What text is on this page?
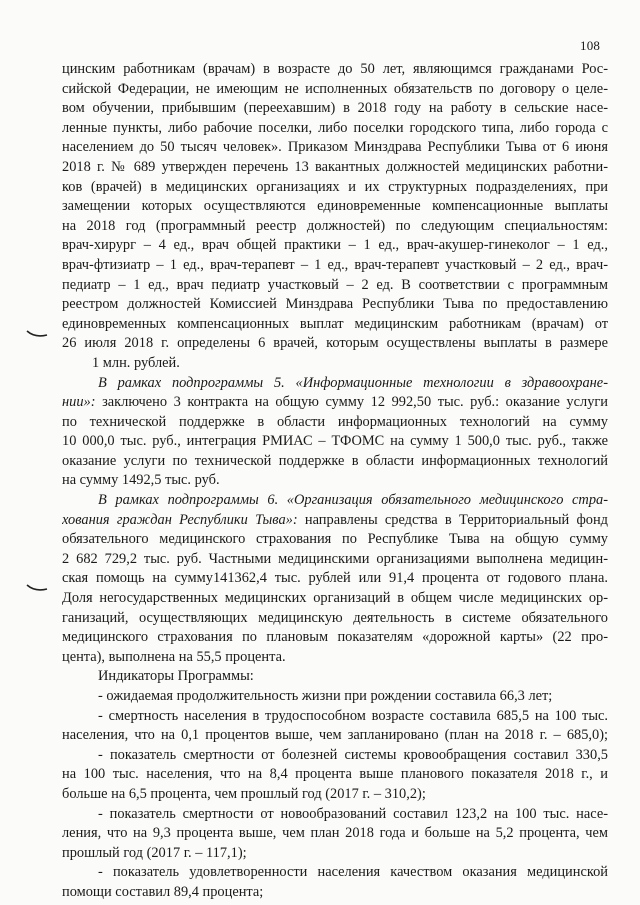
108
цинским работникам (врачам) в возрасте до 50 лет, являющимся гражданами Рос-
сийской Федерации, не имеющим не исполненных обязательств по договору о целе-
вом обучении, прибывшим (переехавшим) в 2018 году на работу в сельские насе-
ленные пункты, либо рабочие поселки, либо поселки городского типа, либо города с
населением до 50 тысяч человек». Приказом Минздрава Республики Тыва от 6 июня
2018 г. № 689 утвержден перечень 13 вакантных должностей медицинских работни-
ков (врачей) в медицинских организациях и их структурных подразделениях, при
замещении которых осуществляются единовременные компенсационные выплаты
на 2018 год (программный реестр должностей) по следующим специальностям:
врач-хирург – 4 ед., врач общей практики – 1 ед., врач-акушер-гинеколог – 1 ед.,
врач-фтизиатр – 1 ед., врач-терапевт – 1 ед., врач-терапевт участковый – 2 ед., врач-
педиатр – 1 ед., врач педиатр участковый – 2 ед. В соответствии с программным
реестром должностей Комиссией Минздрава Республики Тыва по предоставлению
единовременных компенсационных выплат медицинским работникам (врачам) от
26 июля 2018 г. определены 6 врачей, которым осуществлены выплаты в размере
1 млн. рублей.
В рамках подпрограммы 5. «Информационные технологии в здравоохране-
нии»: заключено 3 контракта на общую сумму 12 992,50 тыс. руб.: оказание услуги
по технической поддержке в области информационных технологий на сумму
10 000,0 тыс. руб., интеграция РМИАС – ТФОМС на сумму 1 500,0 тыс. руб., также
оказание услуги по технической поддержке в области информационных технологий
на сумму 1492,5 тыс. руб.
В рамках подпрограммы 6. «Организация обязательного медицинского стра-
хования граждан Республики Тыва»: направлены средства в Территориальный фонд
обязательного медицинского страхования по Республике Тыва на общую сумму
2 682 729,2 тыс. руб. Частными медицинскими организациями выполнена медицин-
ская помощь на сумму141362,4 тыс. рублей или 91,4 процента от годового плана.
Доля негосударственных медицинских организаций в общем числе медицинских ор-
ганизаций, осуществляющих медицинскую деятельность в системе обязательного
медицинского страхования по плановым показателям «дорожной карты» (22 про-
цента), выполнена на 55,5 процента.
Индикаторы Программы:
- ожидаемая продолжительность жизни при рождении составила 66,3 лет;
- смертность населения в трудоспособном возрасте составила 685,5 на 100 тыс.
населения, что на 0,1 процентов выше, чем запланировано (план на 2018 г. – 685,0);
- показатель смертности от болезней системы кровообращения составил 330,5
на 100 тыс. населения, что на 8,4 процента выше планового показателя 2018 г., и
больше на 6,5 процента, чем прошлый год (2017 г. – 310,2);
- показатель смертности от новообразований составил 123,2 на 100 тыс. насе-
ления, что на 9,3 процента выше, чем план 2018 года и больше на 5,2 процента, чем
прошлый год (2017 г. – 117,1);
- показатель удовлетворенности населения качеством оказания медицинской
помощи составил 89,4 процента;
